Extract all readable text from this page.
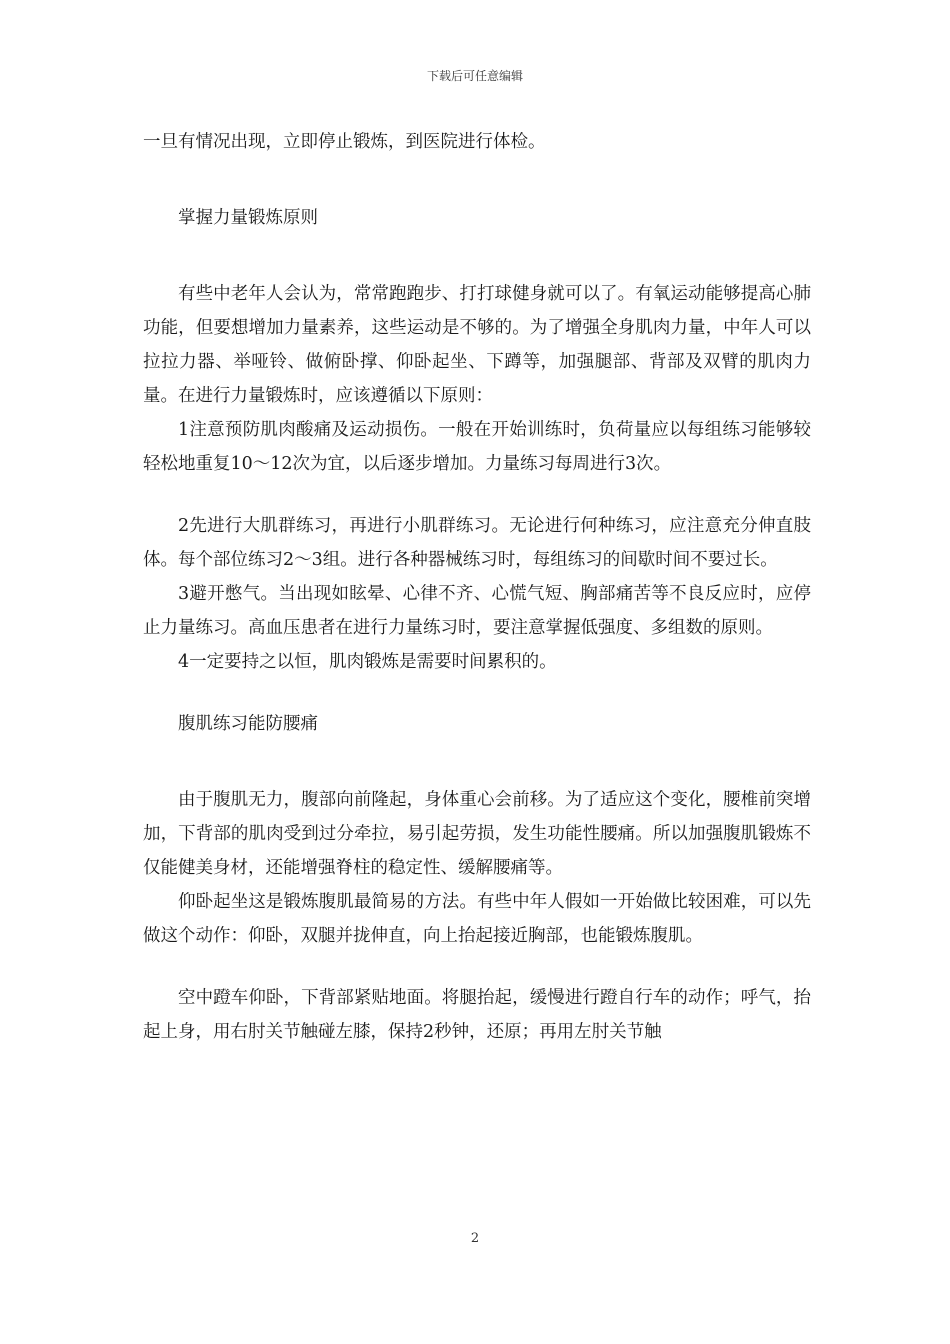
下载后可任意编辑

一旦有情况出现，立即停止锻炼，到医院进行体检。

掌握力量锻炼原则

有些中老年人会认为，常常跑跑步、打打球健身就可以了。有氧运动能够提高心肺功能，但要想增加力量素养，这些运动是不够的。为了增强全身肌肉力量，中年人可以拉拉力器、举哑铃、做俯卧撑、仰卧起坐、下蹲等，加强腿部、背部及双臂的肌肉力量。在进行力量锻炼时，应该遵循以下原则：

1注意预防肌肉酸痛及运动损伤。一般在开始训练时，负荷量应以每组练习能够较轻松地重复10～12次为宜，以后逐步增加。力量练习每周进行3次。

2先进行大肌群练习，再进行小肌群练习。无论进行何种练习，应注意充分伸直肢体。每个部位练习2～3组。进行各种器械练习时，每组练习的间歇时间不要过长。

3避开憋气。当出现如眩晕、心律不齐、心慌气短、胸部痛苦等不良反应时，应停止力量练习。高血压患者在进行力量练习时，要注意掌握低强度、多组数的原则。

4一定要持之以恒，肌肉锻炼是需要时间累积的。

腹肌练习能防腰痛

由于腹肌无力，腹部向前隆起，身体重心会前移。为了适应这个变化，腰椎前突增加，下背部的肌肉受到过分牵拉，易引起劳损，发生功能性腰痛。所以加强腹肌锻炼不仅能健美身材，还能增强脊柱的稳定性、缓解腰痛等。

仰卧起坐这是锻炼腹肌最简易的方法。有些中年人假如一开始做比较困难，可以先做这个动作：仰卧，双腿并拢伸直，向上抬起接近胸部，也能锻炼腹肌。

空中蹬车仰卧，下背部紧贴地面。将腿抬起，缓慢进行蹬自行车的动作；呼气，抬起上身，用右肘关节触碰左膝，保持2秒钟，还原；再用左肘关节触

2
